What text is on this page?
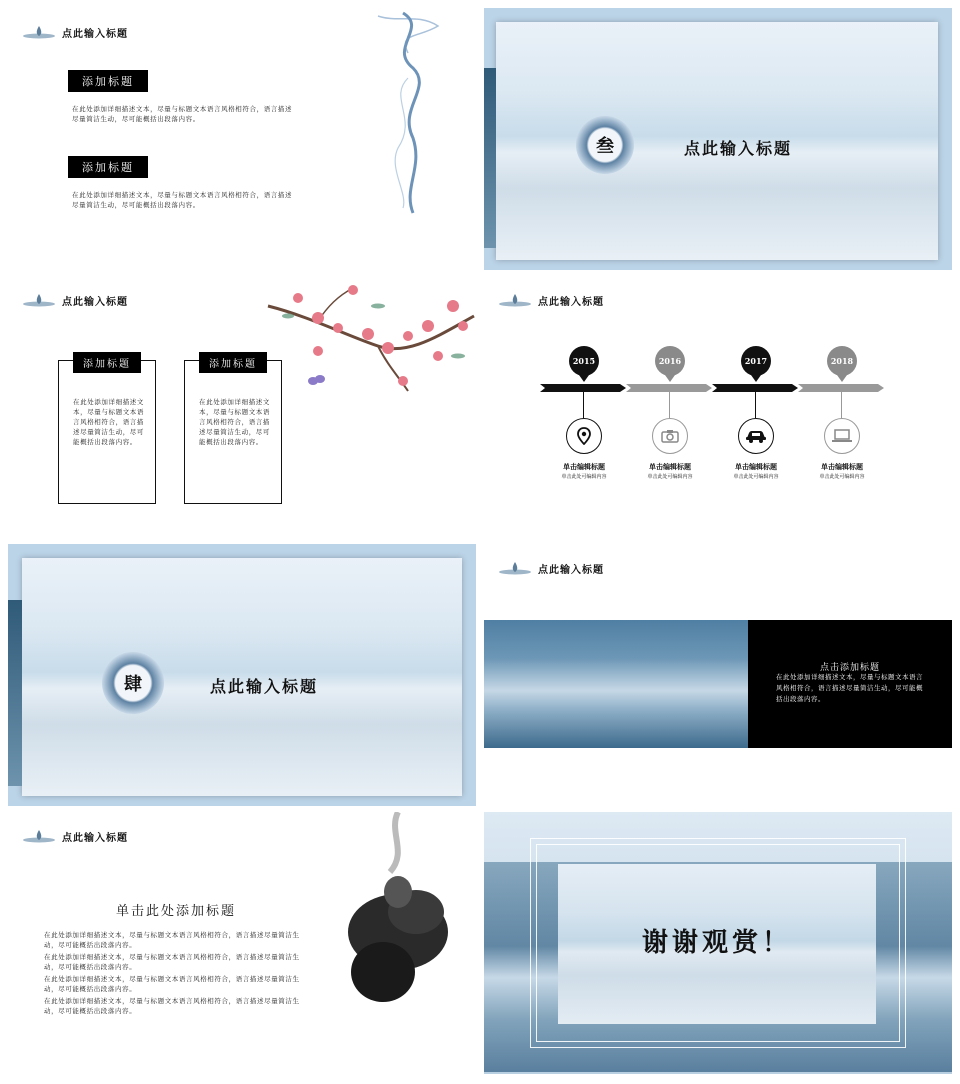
点此输入标题
添加标题
在此处添加详细描述文本，尽量与标题文本语言风格相符合，语言描述尽量简洁生动，尽可能概括出段落内容。
添加标题
在此处添加详细描述文本，尽量与标题文本语言风格相符合，语言描述尽量简洁生动，尽可能概括出段落内容。
叁	点此输入标题
点此输入标题
添加标题
在此处添加详细描述文本，尽量与标题文本语言风格相符合，语言描述尽量简洁生动，尽可能概括出段落内容。
添加标题
在此处添加详细描述文本，尽量与标题文本语言风格相符合，语言描述尽量简洁生动，尽可能概括出段落内容。
点此输入标题
2015
单击编辑标题
单击此处可编辑内容
2016
单击编辑标题
单击此处可编辑内容
2017
单击编辑标题
单击此处可编辑内容
2018
单击编辑标题
单击此处可编辑内容
肆	点此输入标题
点此输入标题
点击添加标题
在此处添加详细描述文本，尽量与标题文本语言风格相符合，语言描述尽量简洁生动，尽可能概括出段落内容。
点此输入标题
单击此处添加标题
在此处添加详细描述文本，尽量与标题文本语言风格相符合，语言描述尽量简洁生动，尽可能概括出段落内容。
在此处添加详细描述文本，尽量与标题文本语言风格相符合，语言描述尽量简洁生动，尽可能概括出段落内容。
在此处添加详细描述文本，尽量与标题文本语言风格相符合，语言描述尽量简洁生动，尽可能概括出段落内容。
在此处添加详细描述文本，尽量与标题文本语言风格相符合，语言描述尽量简洁生动，尽可能概括出段落内容。
谢谢观赏！
